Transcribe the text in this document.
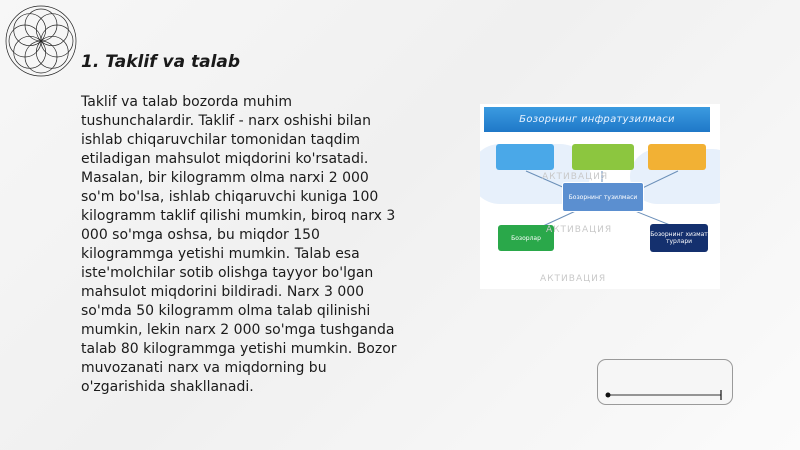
1. Taklif va talab
Taklif va talab bozorda muhim tushunchalardir. Taklif - narx oshishi bilan ishlab chiqaruvchilar tomonidan taqdim etiladigan mahsulot miqdorini ko'rsatadi. Masalan, bir kilogramm olma narxi 2 000 so'm bo'lsa, ishlab chiqaruvchi kuniga 100 kilogramm taklif qilishi mumkin, biroq narx 3 000 so'mga oshsa, bu miqdor 150 kilogrammga yetishi mumkin. Talab esa iste'molchilar sotib olishga tayyor bo'lgan mahsulot miqdorini bildiradi. Narx 3 000 so'mda 50 kilogramm olma talab qilinishi mumkin, lekin narx 2 000 so'mga tushganda talab 80 kilogrammga yetishi mumkin. Bozor muvozanati narx va miqdorning bu o'zgarishida shakllanadi.
Бозорнинг инфратузилмаси
Бозорнинг тузилмаси
Бозорлар	Бозорнинг хизмат турлари
АКТИВАЦИЯ
АКТИВАЦИЯ
АКТИВАЦИЯ
